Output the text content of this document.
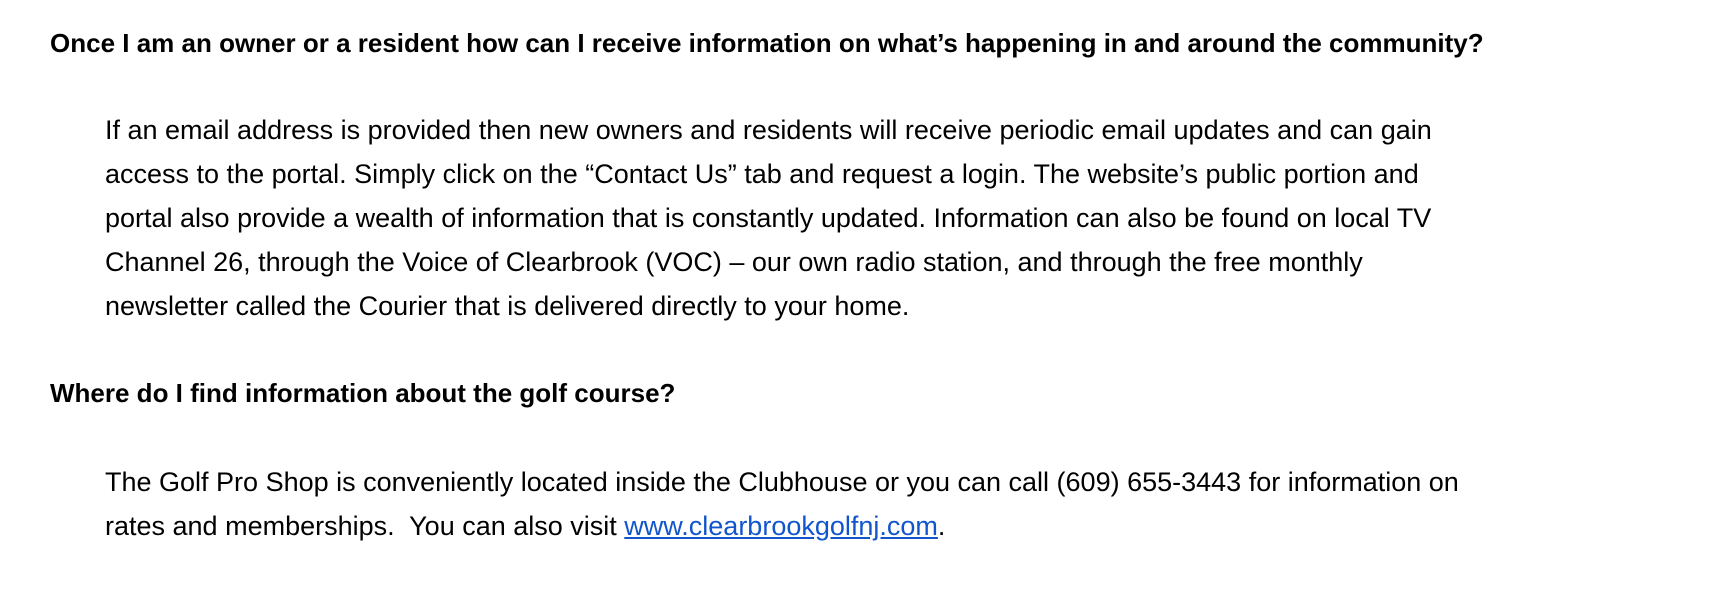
Once I am an owner or a resident how can I receive information on what’s happening in and around the community?
If an email address is provided then new owners and residents will receive periodic email updates and can gain
access to the portal. Simply click on the “Contact Us” tab and request a login. The website’s public portion and
portal also provide a wealth of information that is constantly updated. Information can also be found on local TV
Channel 26, through the Voice of Clearbrook (VOC) – our own radio station, and through the free monthly
newsletter called the Courier that is delivered directly to your home.
Where do I find information about the golf course?
The Golf Pro Shop is conveniently located inside the Clubhouse or you can call (609) 655-3443 for information on
rates and memberships.  You can also visit www.clearbrookgolfnj.com.
